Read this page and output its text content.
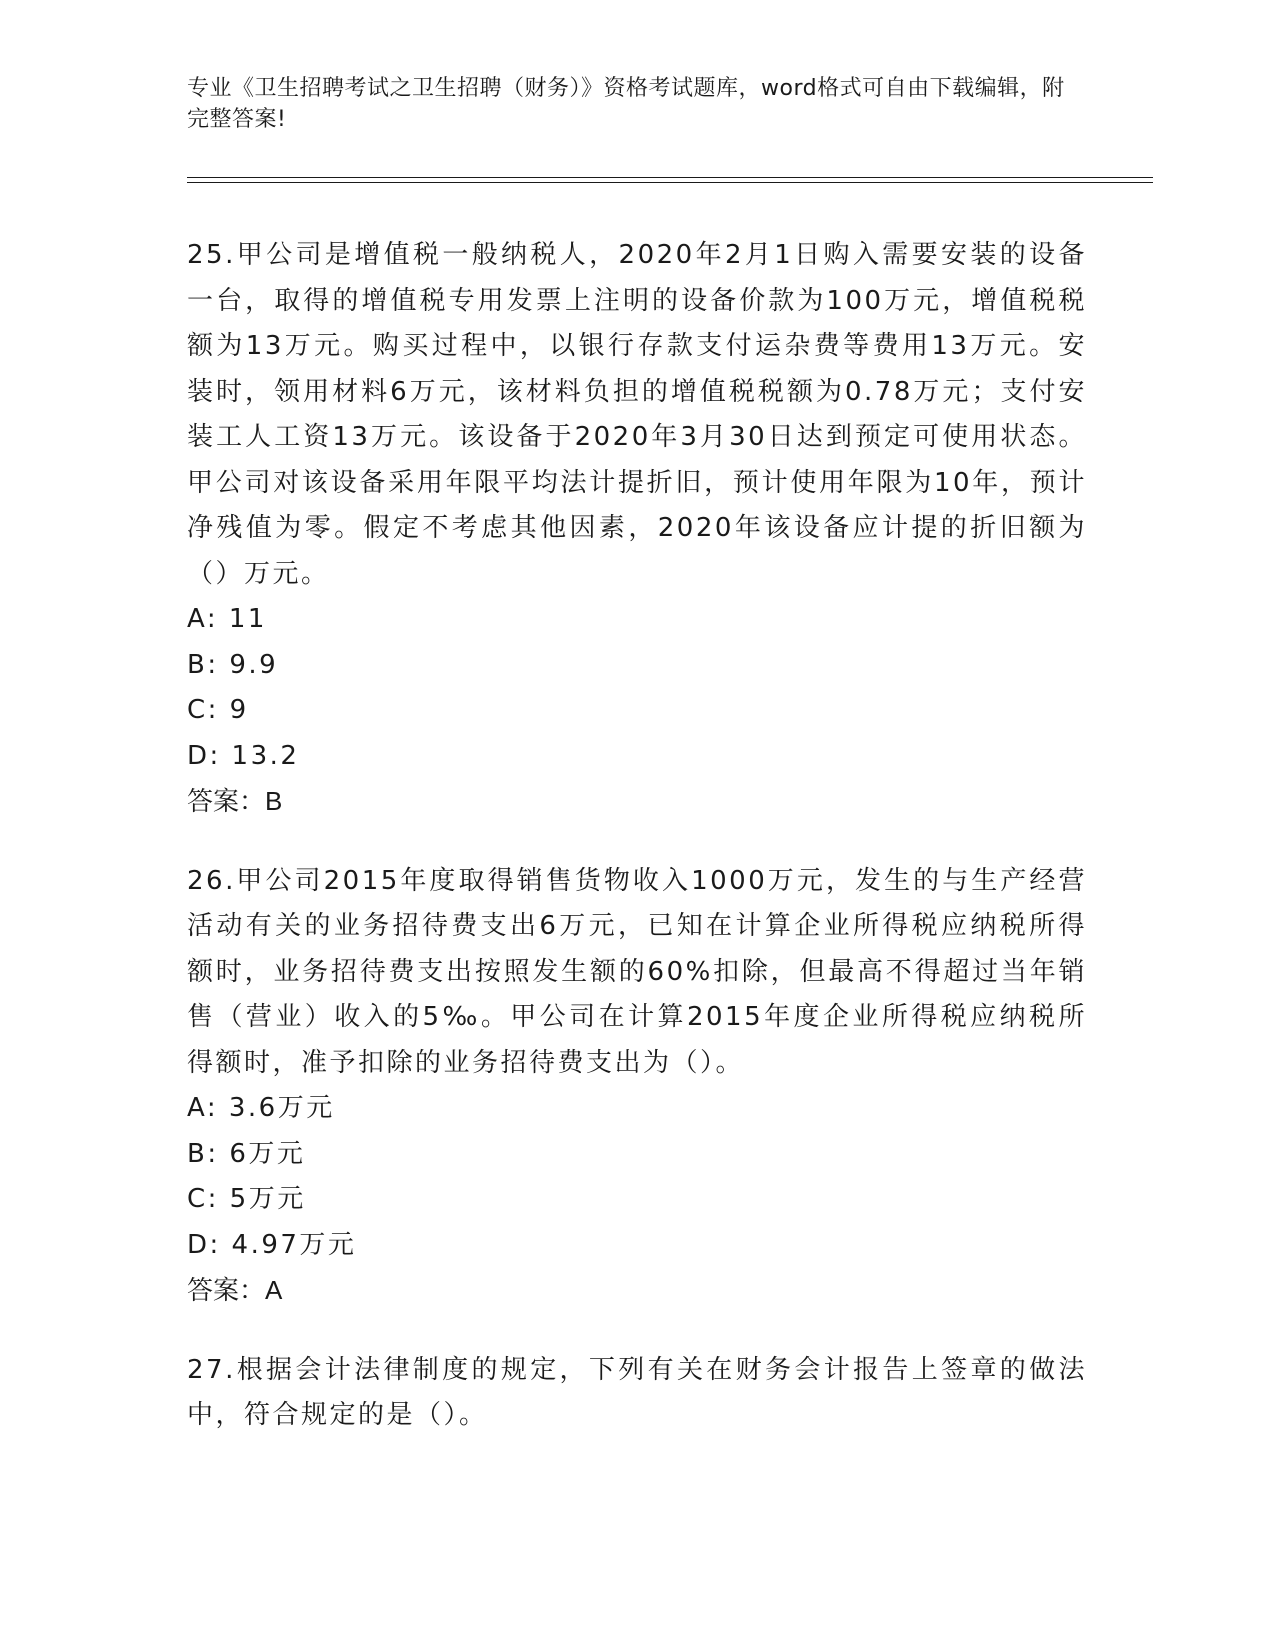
专业《卫生招聘考试之卫生招聘（财务）》资格考试题库，word格式可自由下载编辑，附完整答案!
25.甲公司是增值税一般纳税人，2020年2月1日购入需要安装的设备一台，取得的增值税专用发票上注明的设备价款为100万元，增值税税额为13万元。购买过程中，以银行存款支付运杂费等费用13万元。安装时，领用材料6万元，该材料负担的增值税税额为0.78万元；支付安装工人工资13万元。该设备于2020年3月30日达到预定可使用状态。甲公司对该设备采用年限平均法计提折旧，预计使用年限为10年，预计净残值为零。假定不考虑其他因素，2020年该设备应计提的折旧额为（）万元。
A: 11
B: 9.9
C: 9
D: 13.2
答案：B
26.甲公司2015年度取得销售货物收入1000万元，发生的与生产经营活动有关的业务招待费支出6万元，已知在计算企业所得税应纳税所得额时，业务招待费支出按照发生额的60%扣除，但最高不得超过当年销售（营业）收入的5‰。甲公司在计算2015年度企业所得税应纳税所得额时，准予扣除的业务招待费支出为（）。
A: 3.6万元
B: 6万元
C: 5万元
D: 4.97万元
答案：A
27.根据会计法律制度的规定，下列有关在财务会计报告上签章的做法中，符合规定的是（）。
